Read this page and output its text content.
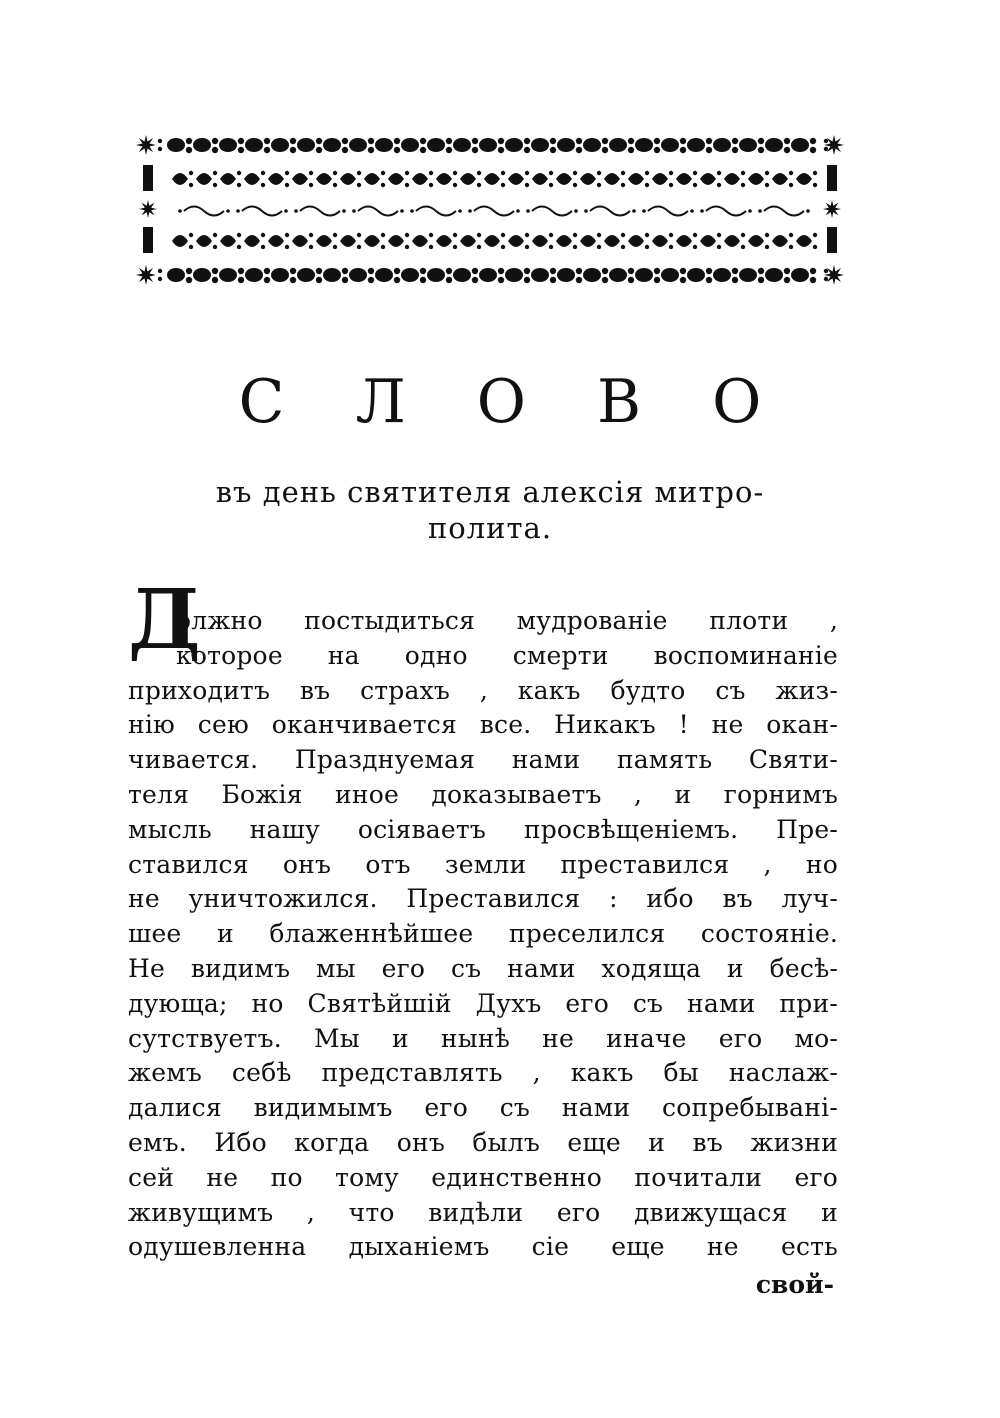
С Л О В О
въ день святителя алексія митро-
полита.
Д
олжно постыдиться мудрованіе плоти ,
которое на одно смерти воспоминаніе
приходитъ въ страхъ , какъ будто съ жиз-
нію сею оканчивается все. Никакъ ! не окан-
чивается. Празднуемая нами память Святи-
теля Божія иное доказываетъ , и горнимъ
мысль нашу осіяваетъ просвѣщеніемъ. Пре-
ставился онъ отъ земли преставился , но
не уничтожился. Преставился : ибо въ луч-
шее и блаженнѣйшее преселился состояніе.
Не видимъ мы его съ нами ходяща и бесѣ-
дующа; но Святѣйшій Духъ его съ нами при-
сутствуетъ. Мы и нынѣ не иначе его мо-
жемъ себѣ представлять , какъ бы наслаж-
далися видимымъ его съ нами сопребывані-
емъ. Ибо когда онъ былъ еще и въ жизни
сей не по тому единственно почитали его
живущимъ , что видѣли его движущася и
одушевленна дыханіемъ сіе еще не есть
свой-
